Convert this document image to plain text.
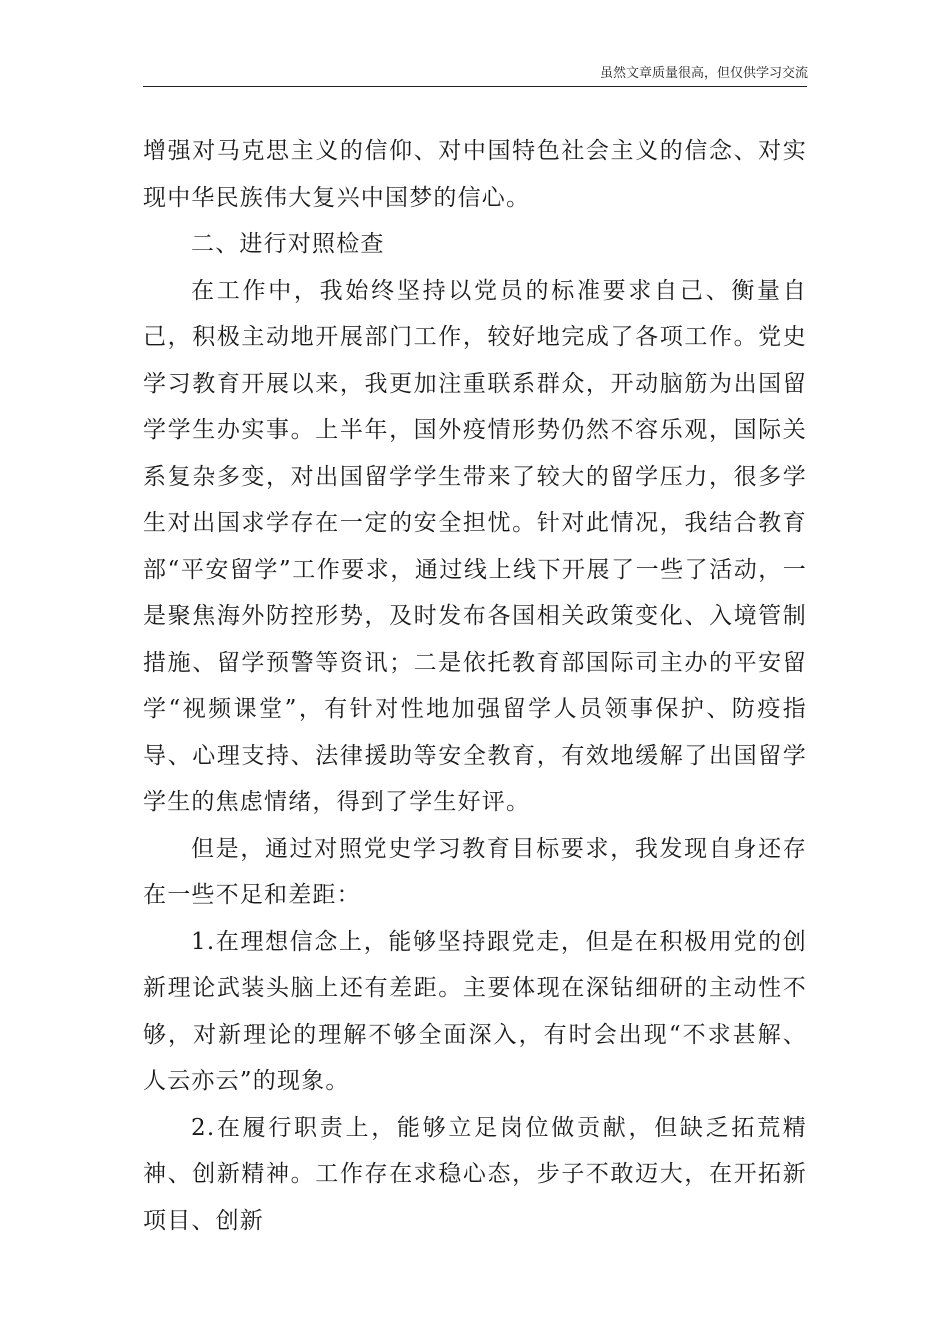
虽然文章质量很高，但仅供学习交流

增强对马克思主义的信仰、对中国特色社会主义的信念、对实现中华民族伟大复兴中国梦的信心。

二、进行对照检查

在工作中，我始终坚持以党员的标准要求自己、衡量自己，积极主动地开展部门工作，较好地完成了各项工作。党史学习教育开展以来，我更加注重联系群众，开动脑筋为出国留学学生办实事。上半年，国外疫情形势仍然不容乐观，国际关系复杂多变，对出国留学学生带来了较大的留学压力，很多学生对出国求学存在一定的安全担忧。针对此情况，我结合教育部“平安留学”工作要求，通过线上线下开展了一些了活动，一是聚焦海外防控形势，及时发布各国相关政策变化、入境管制措施、留学预警等资讯；二是依托教育部国际司主办的平安留学“视频课堂”，有针对性地加强留学人员领事保护、防疫指导、心理支持、法律援助等安全教育，有效地缓解了出国留学学生的焦虑情绪，得到了学生好评。

但是，通过对照党史学习教育目标要求，我发现自身还存在一些不足和差距：

1.在理想信念上，能够坚持跟党走，但是在积极用党的创新理论武装头脑上还有差距。主要体现在深钻细研的主动性不够，对新理论的理解不够全面深入，有时会出现“不求甚解、人云亦云”的现象。

2.在履行职责上，能够立足岗位做贡献，但缺乏拓荒精神、创新精神。工作存在求稳心态，步子不敢迈大，在开拓新项目、创新
